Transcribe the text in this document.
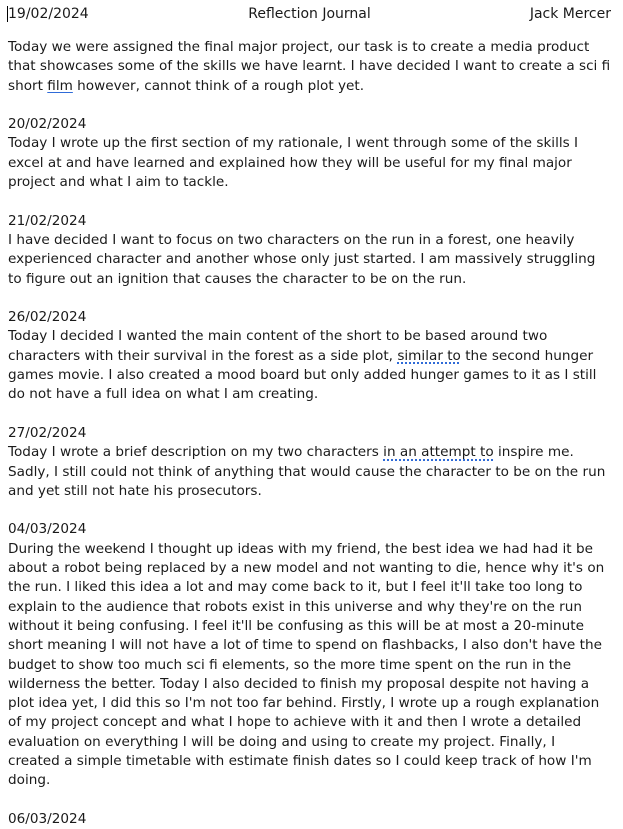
19/02/2024	Reflection Journal	Jack Mercer
Today we were assigned the final major project, our task is to create a media product that showcases some of the skills we have learnt. I have decided I want to create a sci fi short film however, cannot think of a rough plot yet.
20/02/2024
Today I wrote up the first section of my rationale, I went through some of the skills I excel at and have learned and explained how they will be useful for my final major project and what I aim to tackle.
21/02/2024
I have decided I want to focus on two characters on the run in a forest, one heavily experienced character and another whose only just started. I am massively struggling to figure out an ignition that causes the character to be on the run.
26/02/2024
Today I decided I wanted the main content of the short to be based around two characters with their survival in the forest as a side plot, similar to the second hunger games movie. I also created a mood board but only added hunger games to it as I still do not have a full idea on what I am creating.
27/02/2024
Today I wrote a brief description on my two characters in an attempt to inspire me. Sadly, I still could not think of anything that would cause the character to be on the run and yet still not hate his prosecutors.
04/03/2024
During the weekend I thought up ideas with my friend, the best idea we had had it be about a robot being replaced by a new model and not wanting to die, hence why it's on the run. I liked this idea a lot and may come back to it, but I feel it'll take too long to explain to the audience that robots exist in this universe and why they're on the run without it being confusing. I feel it'll be confusing as this will be at most a 20-minute short meaning I will not have a lot of time to spend on flashbacks, I also don't have the budget to show too much sci fi elements, so the more time spent on the run in the wilderness the better. Today I also decided to finish my proposal despite not having a plot idea yet, I did this so I'm not too far behind. Firstly, I wrote up a rough explanation of my project concept and what I hope to achieve with it and then I wrote a detailed evaluation on everything I will be doing and using to create my project. Finally, I created a simple timetable with estimate finish dates so I could keep track of how I'm doing.
06/03/2024
